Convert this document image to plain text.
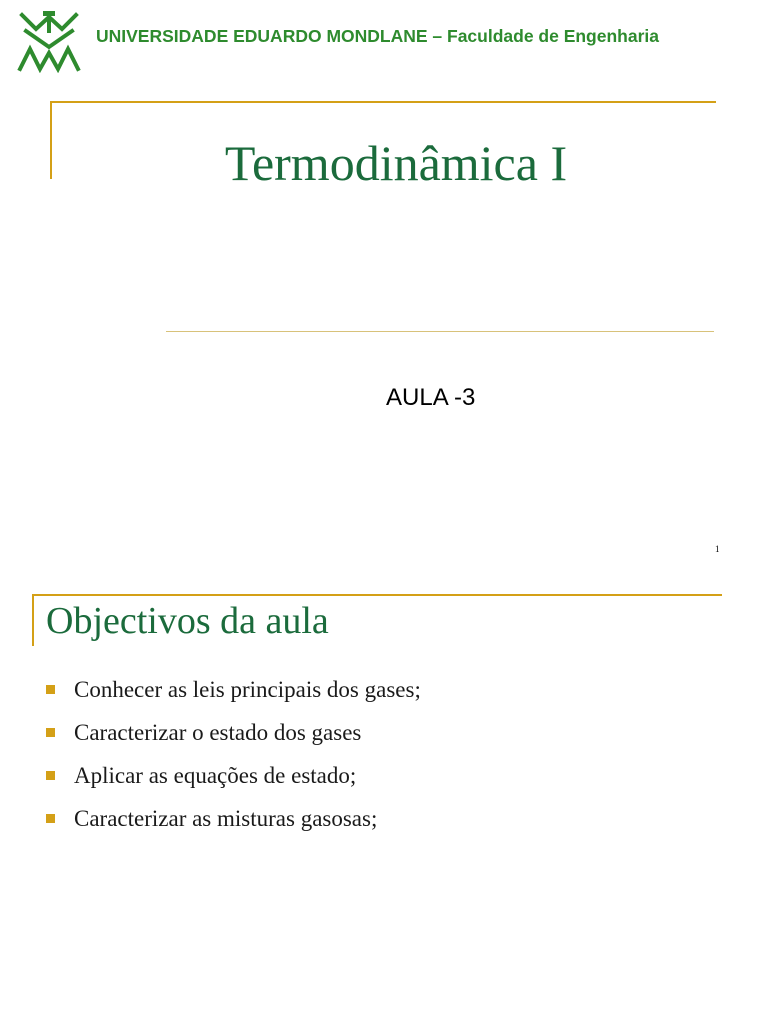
UNIVERSIDADE EDUARDO MONDLANE – Faculdade de Engenharia
Termodinâmica I
AULA -3
1
Objectivos da aula
Conhecer as leis principais dos gases;
Caracterizar o estado dos gases
Aplicar as equações de estado;
Caracterizar as misturas gasosas;
